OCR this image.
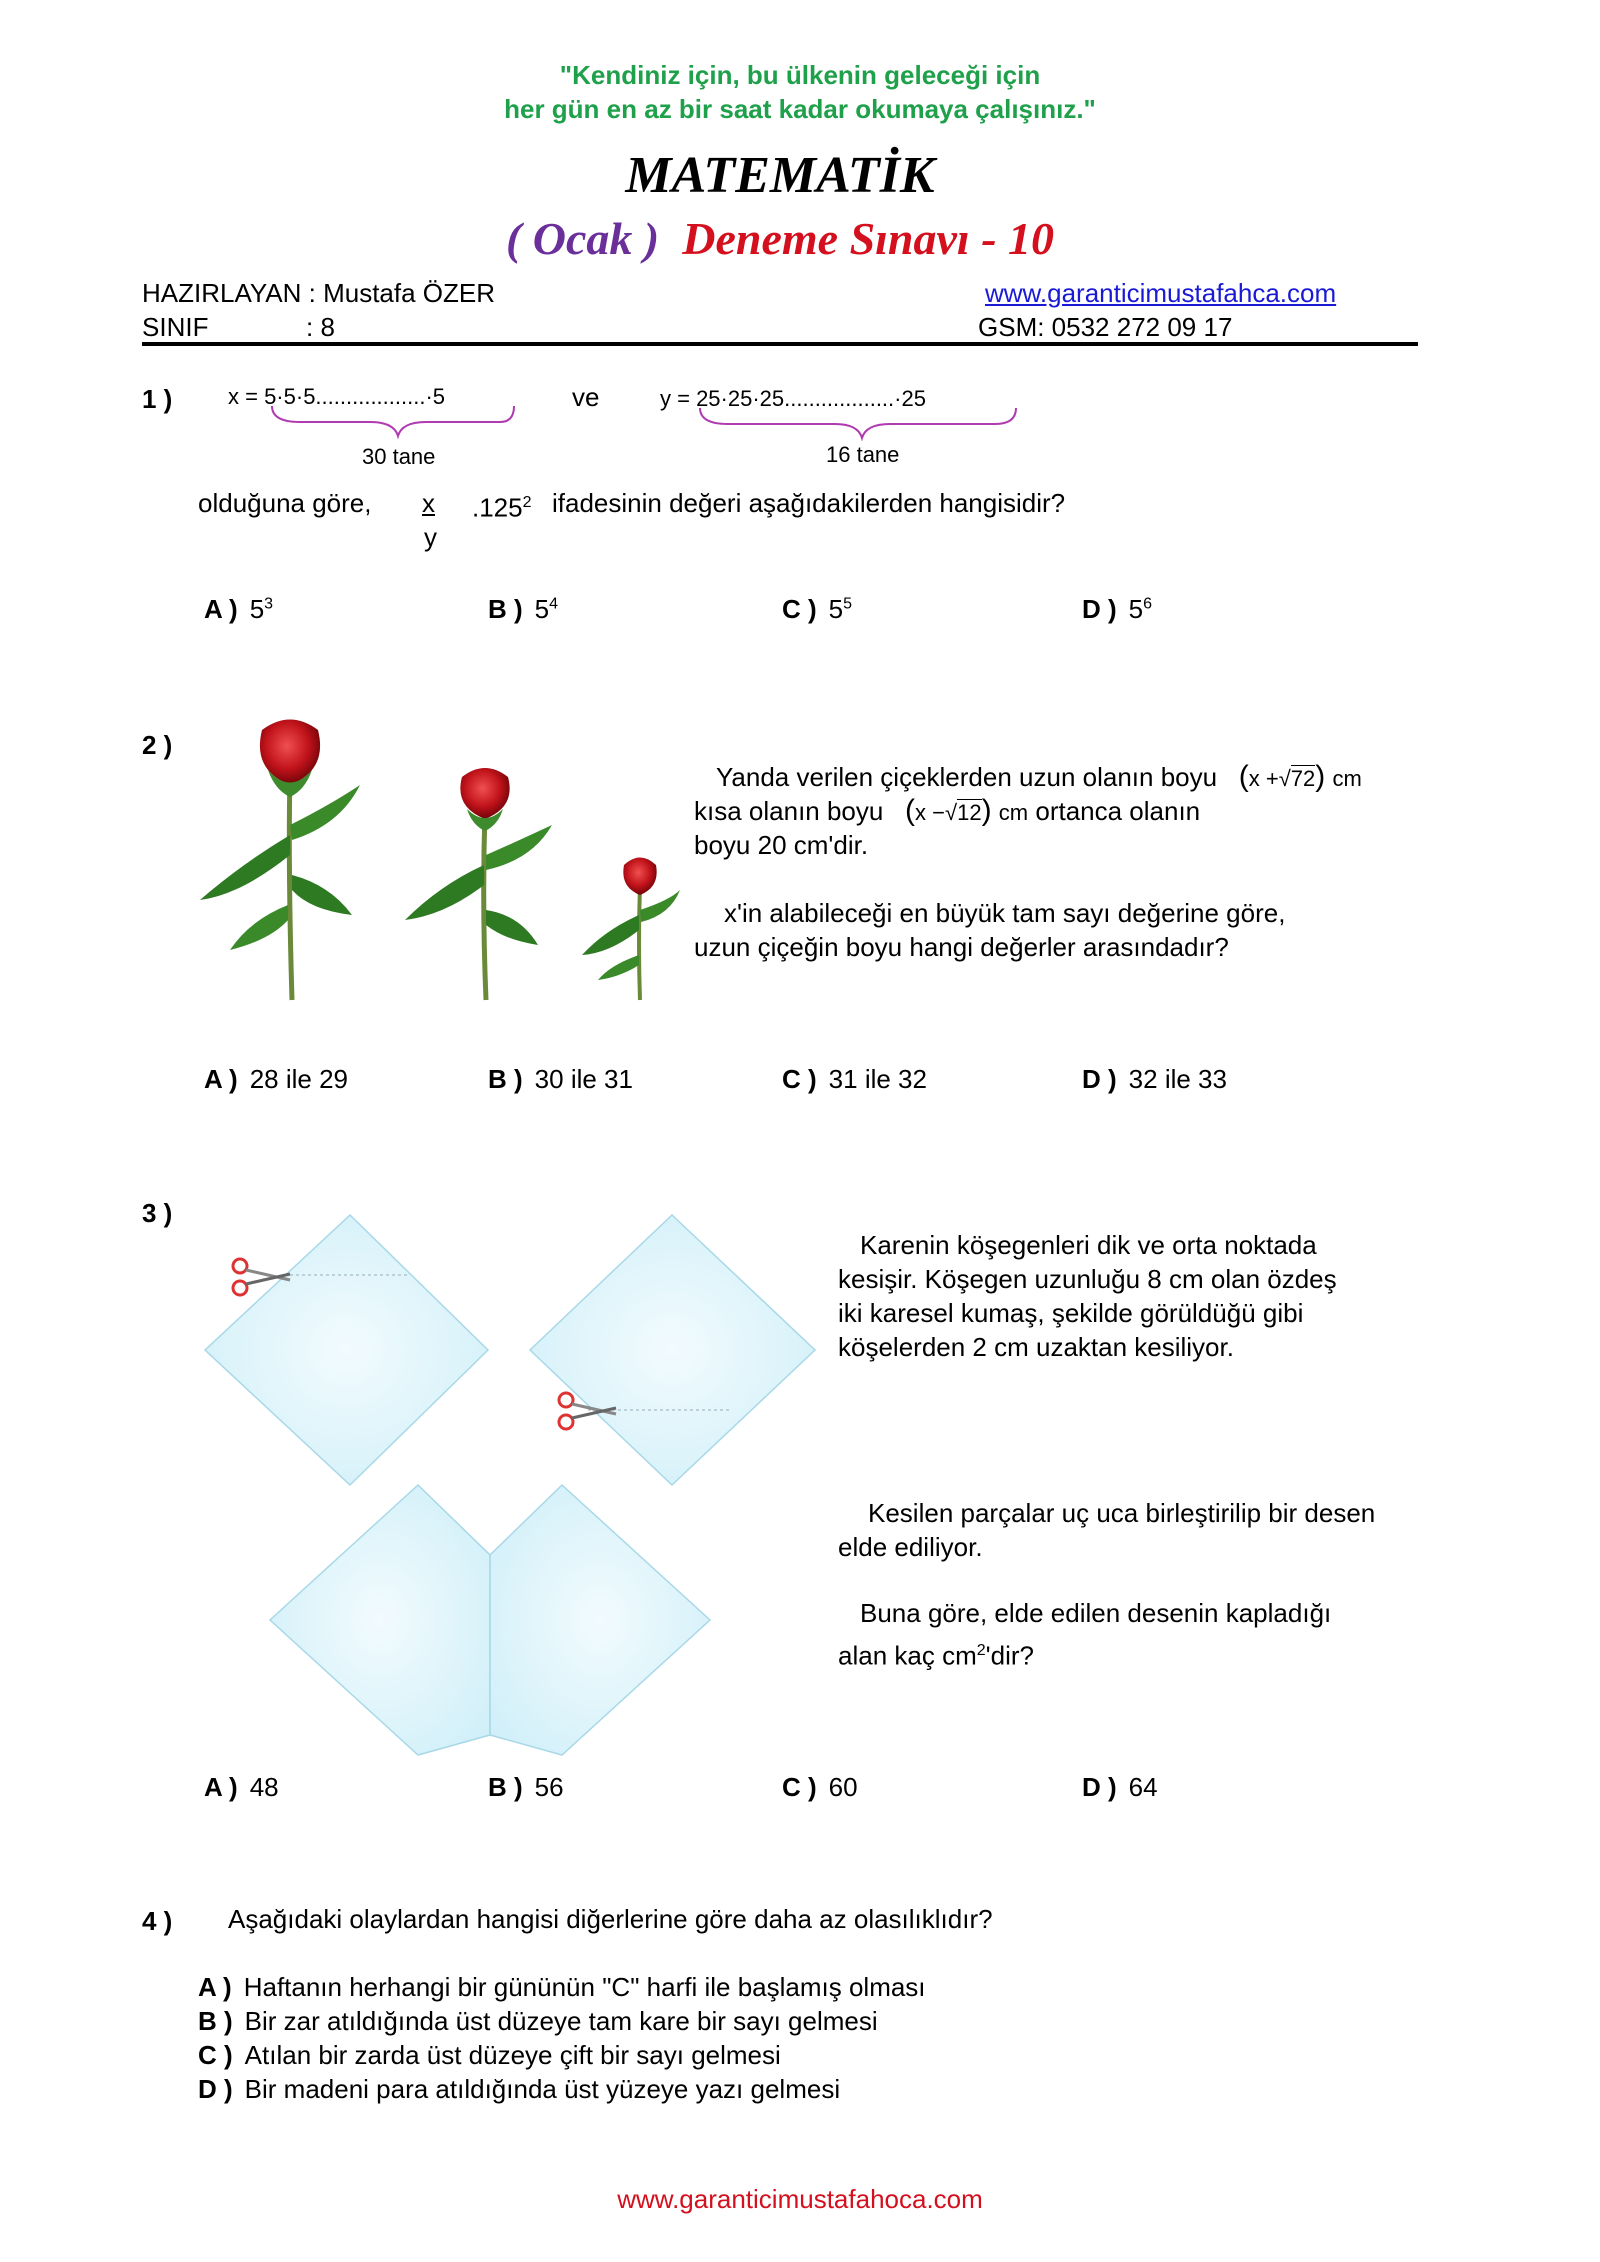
"Kendiniz için, bu ülkenin geleceği için
her gün en az bir saat kadar okumaya çalışınız."
MATEMATİK
( Ocak ) Deneme Sınavı - 10
HAZIRLAYAN : Mustafa ÖZER
SINIF	: 8
www.garanticimustafahca.com
GSM: 0532 272 09 17
1 )	x = 5·5·5..................·5	ve	y = 25·25·25..................·25
30 tane	16 tane
olduğuna göre, x
y
.125$^2$ ifadesinin değeri aşağıdakilerden hangisidir?
A ) $5^3$	B ) $5^4$	C ) $5^5$	D ) $5^6$
2 )
Yanda verilen çiçeklerden uzun olanın boyu (x +√72) cm
kısa olanın boyu (x −√12) cm ortanca olanın
boyu 20 cm'dir.
x'in alabileceği en büyük tam sayı değerine göre,
uzun çiçeğin boyu hangi değerler arasındadır?
A ) 28 ile 29	B ) 30 ile 31	C ) 31 ile 32	D ) 32 ile 33
3 )
Karenin köşegenleri dik ve orta noktada
kesişir. Köşegen uzunluğu 8 cm olan özdeş
iki karesel kumaş, şekilde görüldüğü gibi
köşelerden 2 cm uzaktan kesiliyor.
Kesilen parçalar uç uca birleştirilip bir desen
elde ediliyor.
Buna göre, elde edilen desenin kapladığı
alan kaç $cm^2'dir$?
A ) 48	B ) 56	C ) 60	D ) 64
4 ) Aşağıdaki olaylardan hangisi diğerlerine göre daha az olasılıklıdır?
A ) Haftanın herhangi bir gününün "C" harfi ile başlamış olması
B ) Bir zar atıldığında üst düzeye tam kare bir sayı gelmesi
C ) Atılan bir zarda üst düzeye çift bir sayı gelmesi
D ) Bir madeni para atıldığında üst yüzeye yazı gelmesi
www.garanticimustafahoca.com
